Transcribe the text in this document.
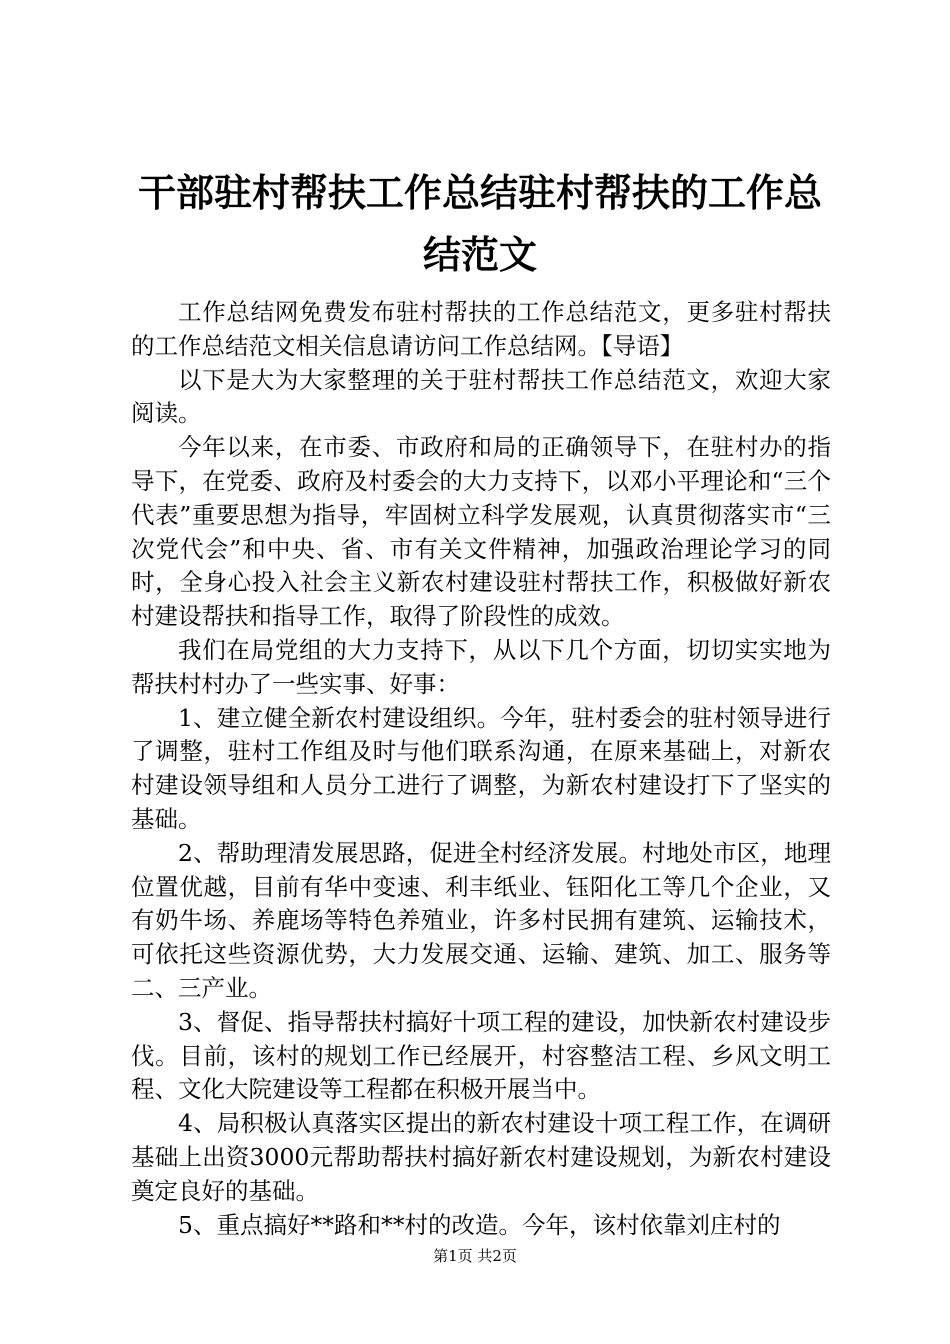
干部驻村帮扶工作总结驻村帮扶的工作总结范文

工作总结网免费发布驻村帮扶的工作总结范文，更多驻村帮扶的工作总结范文相关信息请访问工作总结网。【导语】

以下是大为大家整理的关于驻村帮扶工作总结范文，欢迎大家阅读。

今年以来，在市委、市政府和局的正确领导下，在驻村办的指导下，在党委、政府及村委会的大力支持下，以邓小平理论和“三个代表”重要思想为指导，牢固树立科学发展观，认真贯彻落实市“三次党代会”和中央、省、市有关文件精神，加强政治理论学习的同时，全身心投入社会主义新农村建设驻村帮扶工作，积极做好新农村建设帮扶和指导工作，取得了阶段性的成效。

我们在局党组的大力支持下，从以下几个方面，切切实实地为帮扶村村办了一些实事、好事：

1、建立健全新农村建设组织。今年，驻村委会的驻村领导进行了调整，驻村工作组及时与他们联系沟通，在原来基础上，对新农村建设领导组和人员分工进行了调整，为新农村建设打下了坚实的基础。

2、帮助理清发展思路，促进全村经济发展。村地处市区，地理位置优越，目前有华中变速、利丰纸业、钰阳化工等几个企业，又有奶牛场、养鹿场等特色养殖业，许多村民拥有建筑、运输技术，可依托这些资源优势，大力发展交通、运输、建筑、加工、服务等二、三产业。

3、督促、指导帮扶村搞好十项工程的建设，加快新农村建设步伐。目前，该村的规划工作已经展开，村容整洁工程、乡风文明工程、文化大院建设等工程都在积极开展当中。

4、局积极认真落实区提出的新农村建设十项工程工作，在调研基础上出资3000元帮助帮扶村搞好新农村建设规划，为新农村建设奠定良好的基础。

5、重点搞好**路和**村的改造。今年，该村依靠刘庄村的

第1页 共2页
